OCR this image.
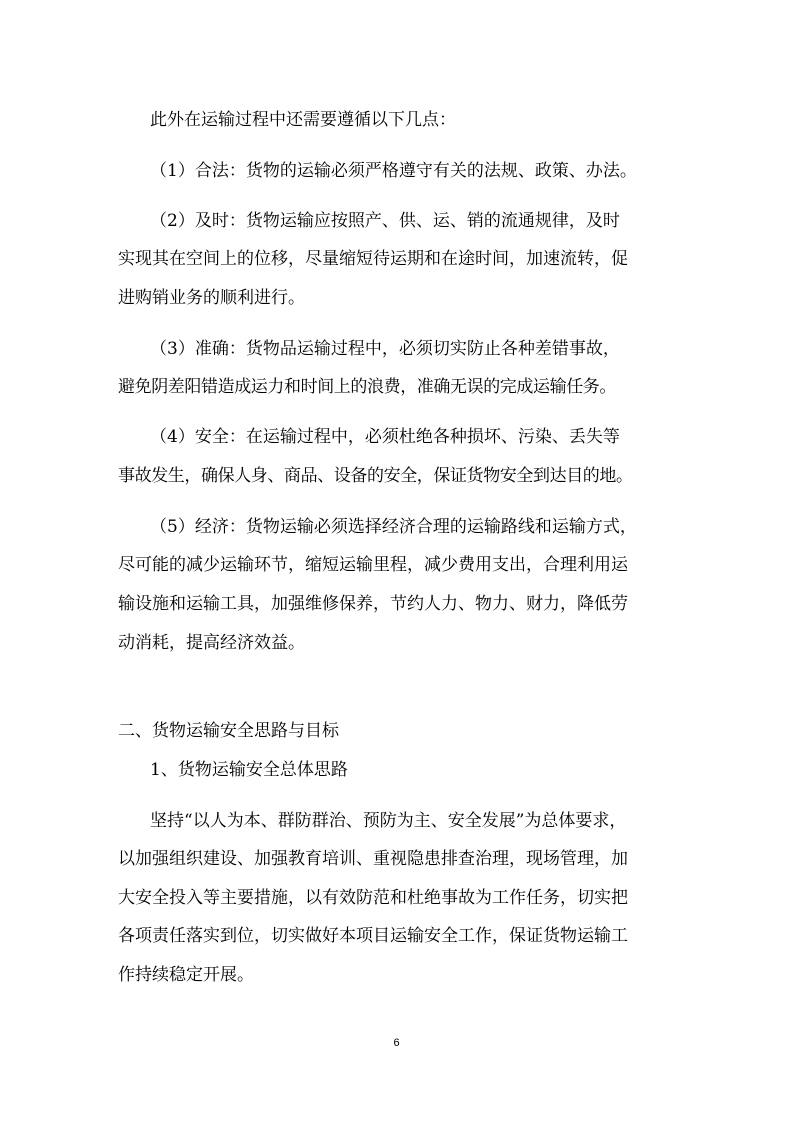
此外在运输过程中还需要遵循以下几点：
（1）合法：货物的运输必须严格遵守有关的法规、政策、办法。
（2）及时：货物运输应按照产、供、运、销的流通规律，及时
实现其在空间上的位移，尽量缩短待运期和在途时间，加速流转，促
进购销业务的顺利进行。
（3）准确：货物品运输过程中，必须切实防止各种差错事故，
避免阴差阳错造成运力和时间上的浪费，准确无误的完成运输任务。
（4）安全：在运输过程中，必须杜绝各种损坏、污染、丢失等
事故发生，确保人身、商品、设备的安全，保证货物安全到达目的地。
（5）经济：货物运输必须选择经济合理的运输路线和运输方式，
尽可能的减少运输环节，缩短运输里程，减少费用支出，合理利用运
输设施和运输工具，加强维修保养，节约人力、物力、财力，降低劳
动消耗，提高经济效益。
二、货物运输安全思路与目标
1、货物运输安全总体思路
坚持“以人为本、群防群治、预防为主、安全发展”为总体要求，
以加强组织建设、加强教育培训、重视隐患排查治理，现场管理，加
大安全投入等主要措施，以有效防范和杜绝事故为工作任务，切实把
各项责任落实到位，切实做好本项目运输安全工作，保证货物运输工
作持续稳定开展。
6
